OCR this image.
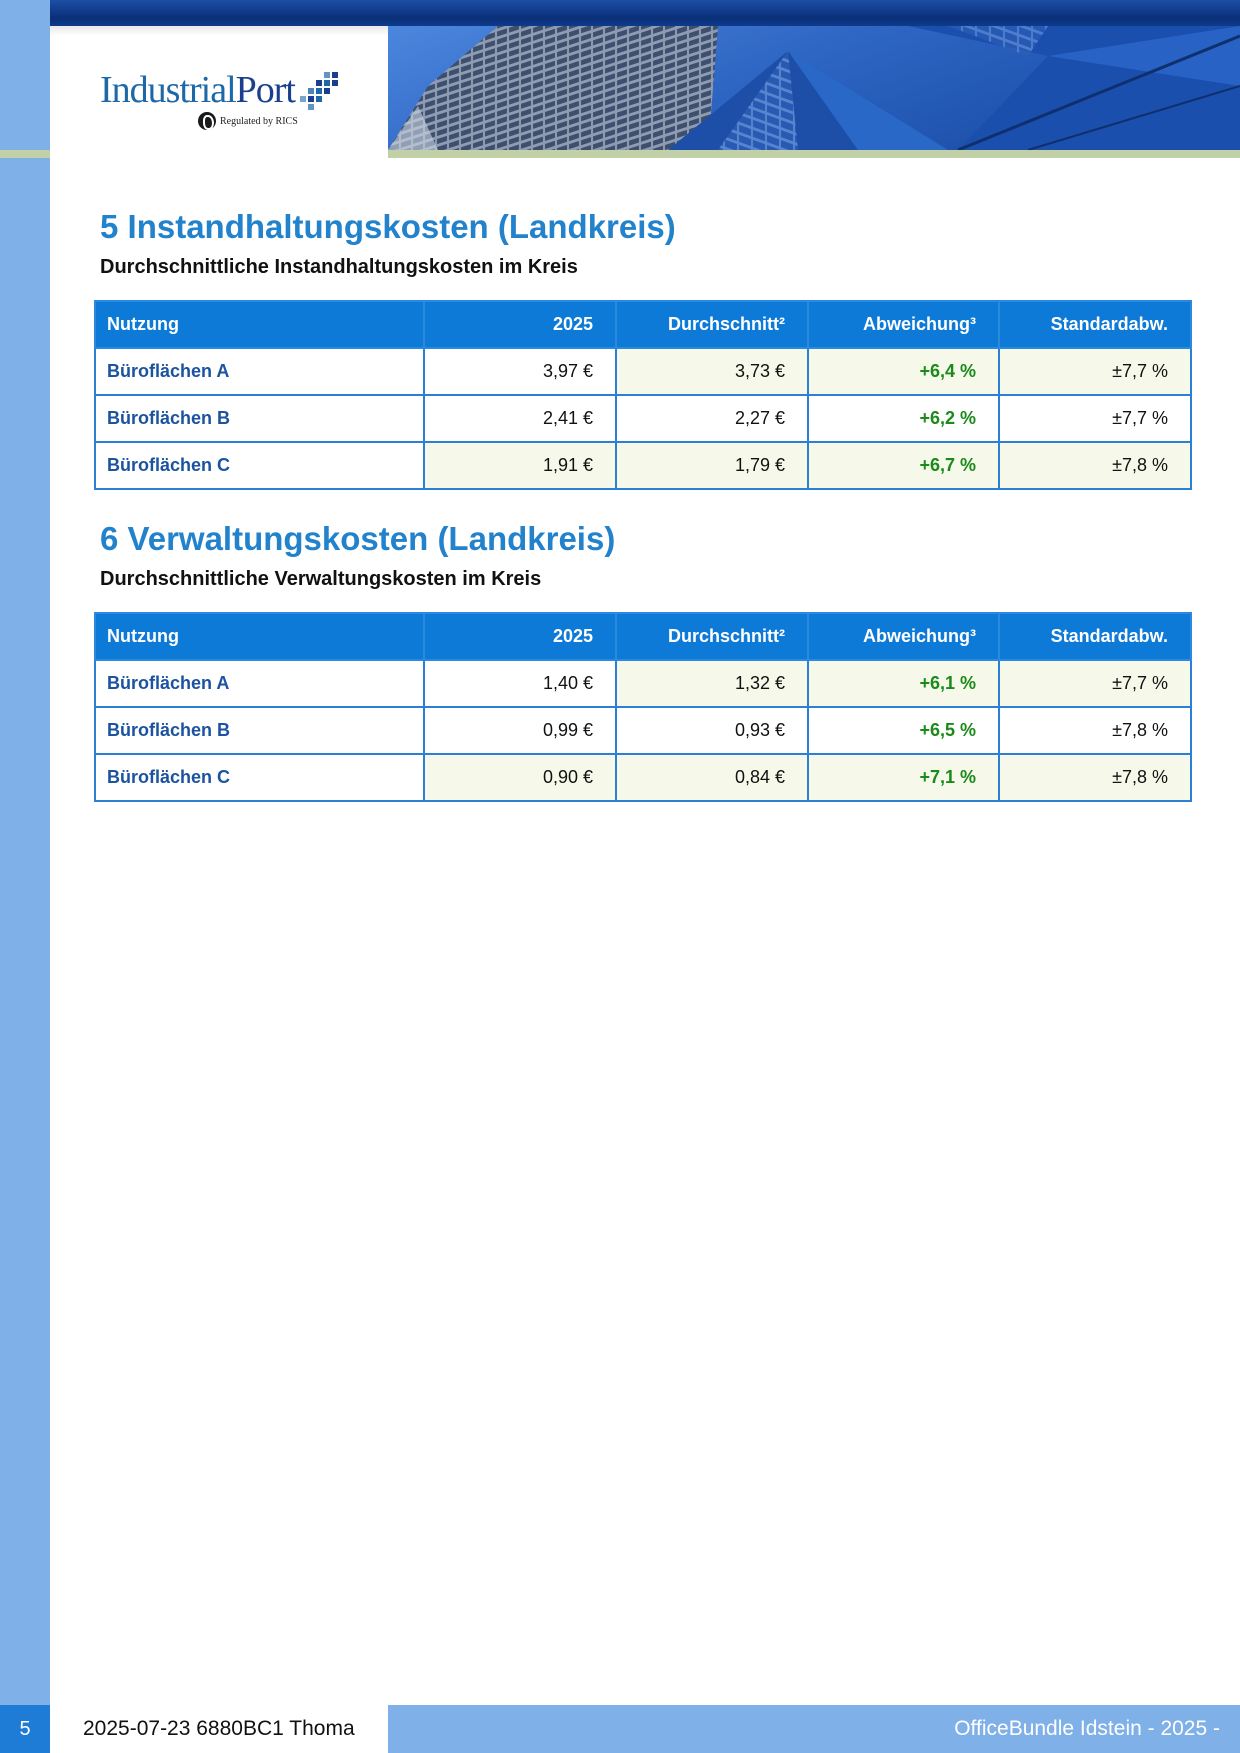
IndustrialPort
Regulated by RICS
5 Instandhaltungskosten (Landkreis)
Durchschnittliche Instandhaltungskosten im Kreis
Nutzung	2025	Durchschnitt²	Abweichung³	Standardabw.
Büroflächen A	3,97 €	3,73 €	+6,4 %	±7,7 %
Büroflächen B	2,41 €	2,27 €	+6,2 %	±7,7 %
Büroflächen C	1,91 €	1,79 €	+6,7 %	±7,8 %
6 Verwaltungskosten (Landkreis)
Durchschnittliche Verwaltungskosten im Kreis
Nutzung	2025	Durchschnitt²	Abweichung³	Standardabw.
Büroflächen A	1,40 €	1,32 €	+6,1 %	±7,7 %
Büroflächen B	0,99 €	0,93 €	+6,5 %	±7,8 %
Büroflächen C	0,90 €	0,84 €	+7,1 %	±7,8 %
5	2025-07-23 6880BC1 Thoma	OfficeBundle Idstein - 2025 -
